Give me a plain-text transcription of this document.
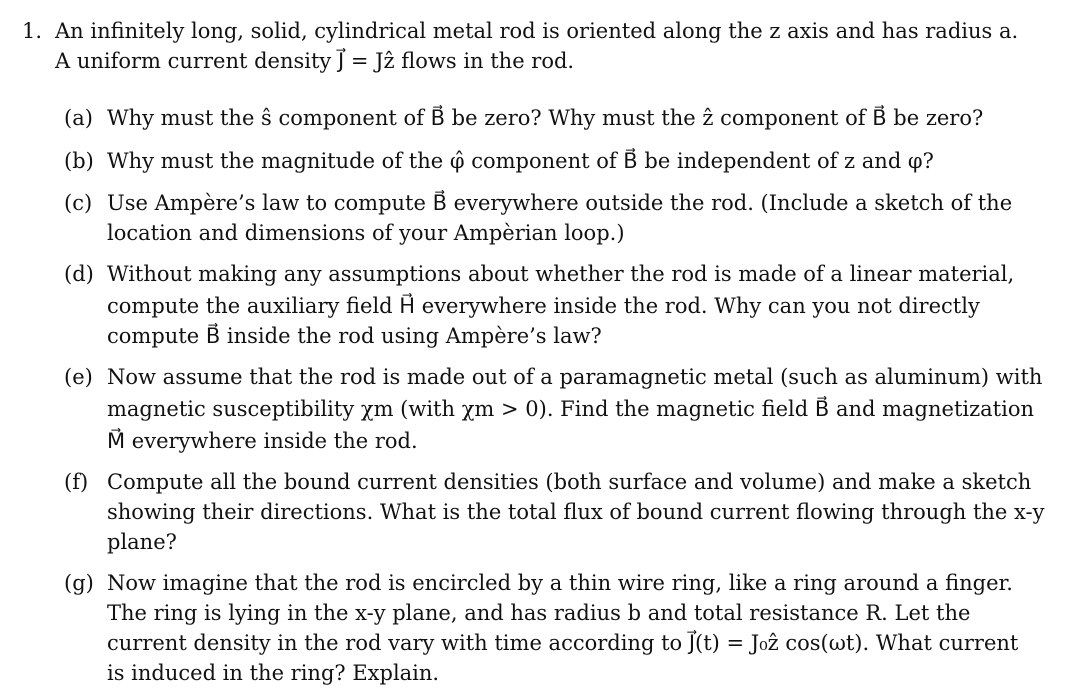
1. An infinitely long, solid, cylindrical metal rod is oriented along the z axis and has radius a.
A uniform current density J⃗ = Jẑ flows in the rod.
(a) Why must the ŝ component of B⃗ be zero? Why must the ẑ component of B⃗ be zero?
(b) Why must the magnitude of the φ̂ component of B⃗ be independent of z and φ?
(c) Use Ampère’s law to compute B⃗ everywhere outside the rod. (Include a sketch of the
location and dimensions of your Ampèrian loop.)
(d) Without making any assumptions about whether the rod is made of a linear material,
compute the auxiliary field H⃗ everywhere inside the rod. Why can you not directly
compute B⃗ inside the rod using Ampère’s law?
(e) Now assume that the rod is made out of a paramagnetic metal (such as aluminum) with
magnetic susceptibility χm (with χm > 0). Find the magnetic field B⃗ and magnetization
M⃗ everywhere inside the rod.
(f) Compute all the bound current densities (both surface and volume) and make a sketch
showing their directions. What is the total flux of bound current flowing through the x-y
plane?
(g) Now imagine that the rod is encircled by a thin wire ring, like a ring around a finger.
The ring is lying in the x-y plane, and has radius b and total resistance R. Let the
current density in the rod vary with time according to J⃗(t) = J₀ẑ cos(ωt). What current
is induced in the ring? Explain.
